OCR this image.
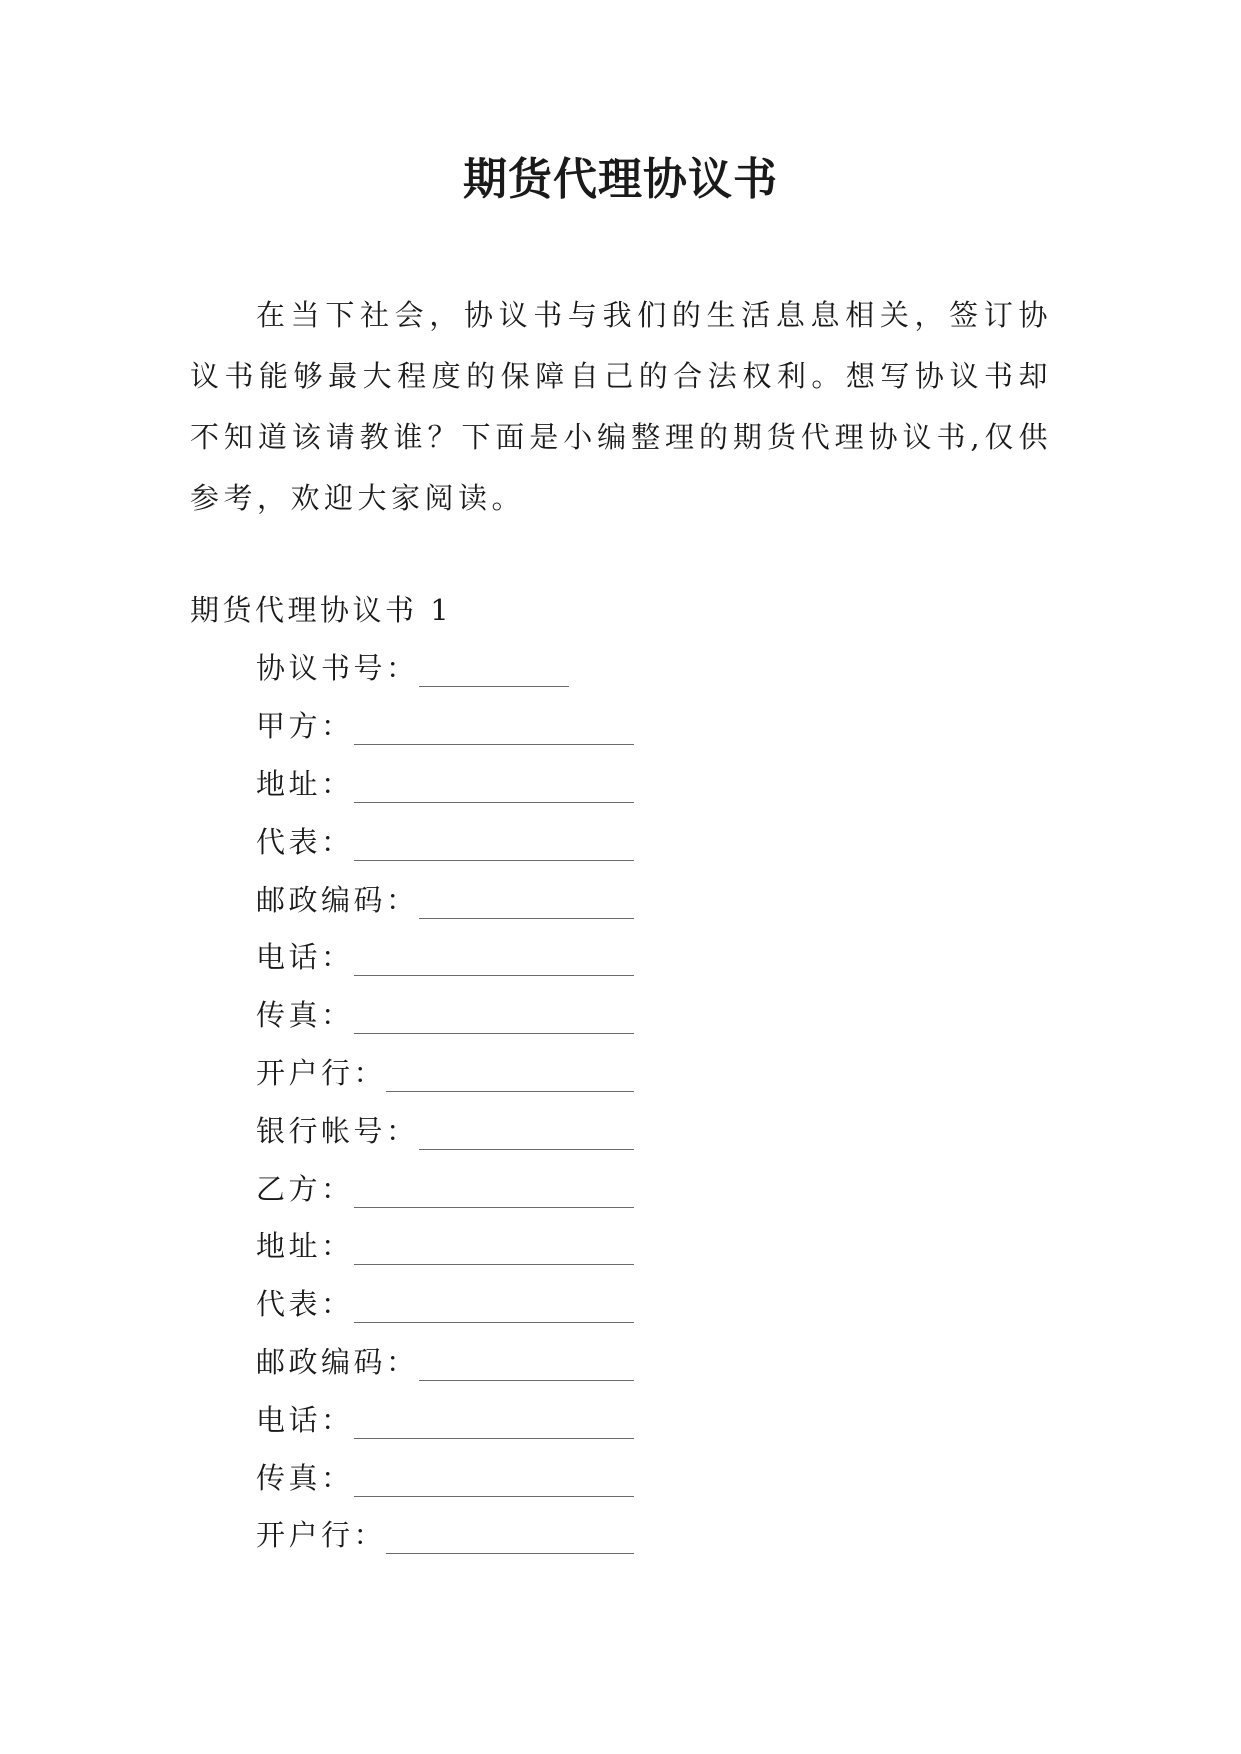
期货代理协议书

在当下社会，协议书与我们的生活息息相关，签订协议书能够最大程度的保障自己的合法权利。想写协议书却不知道该请教谁？下面是小编整理的期货代理协议书,仅供参考，欢迎大家阅读。

期货代理协议书 1

协议书号：
甲方：
地址：
代表：
邮政编码：
电话：
传真：
开户行：
银行帐号：
乙方：
地址：
代表：
邮政编码：
电话：
传真：
开户行：
